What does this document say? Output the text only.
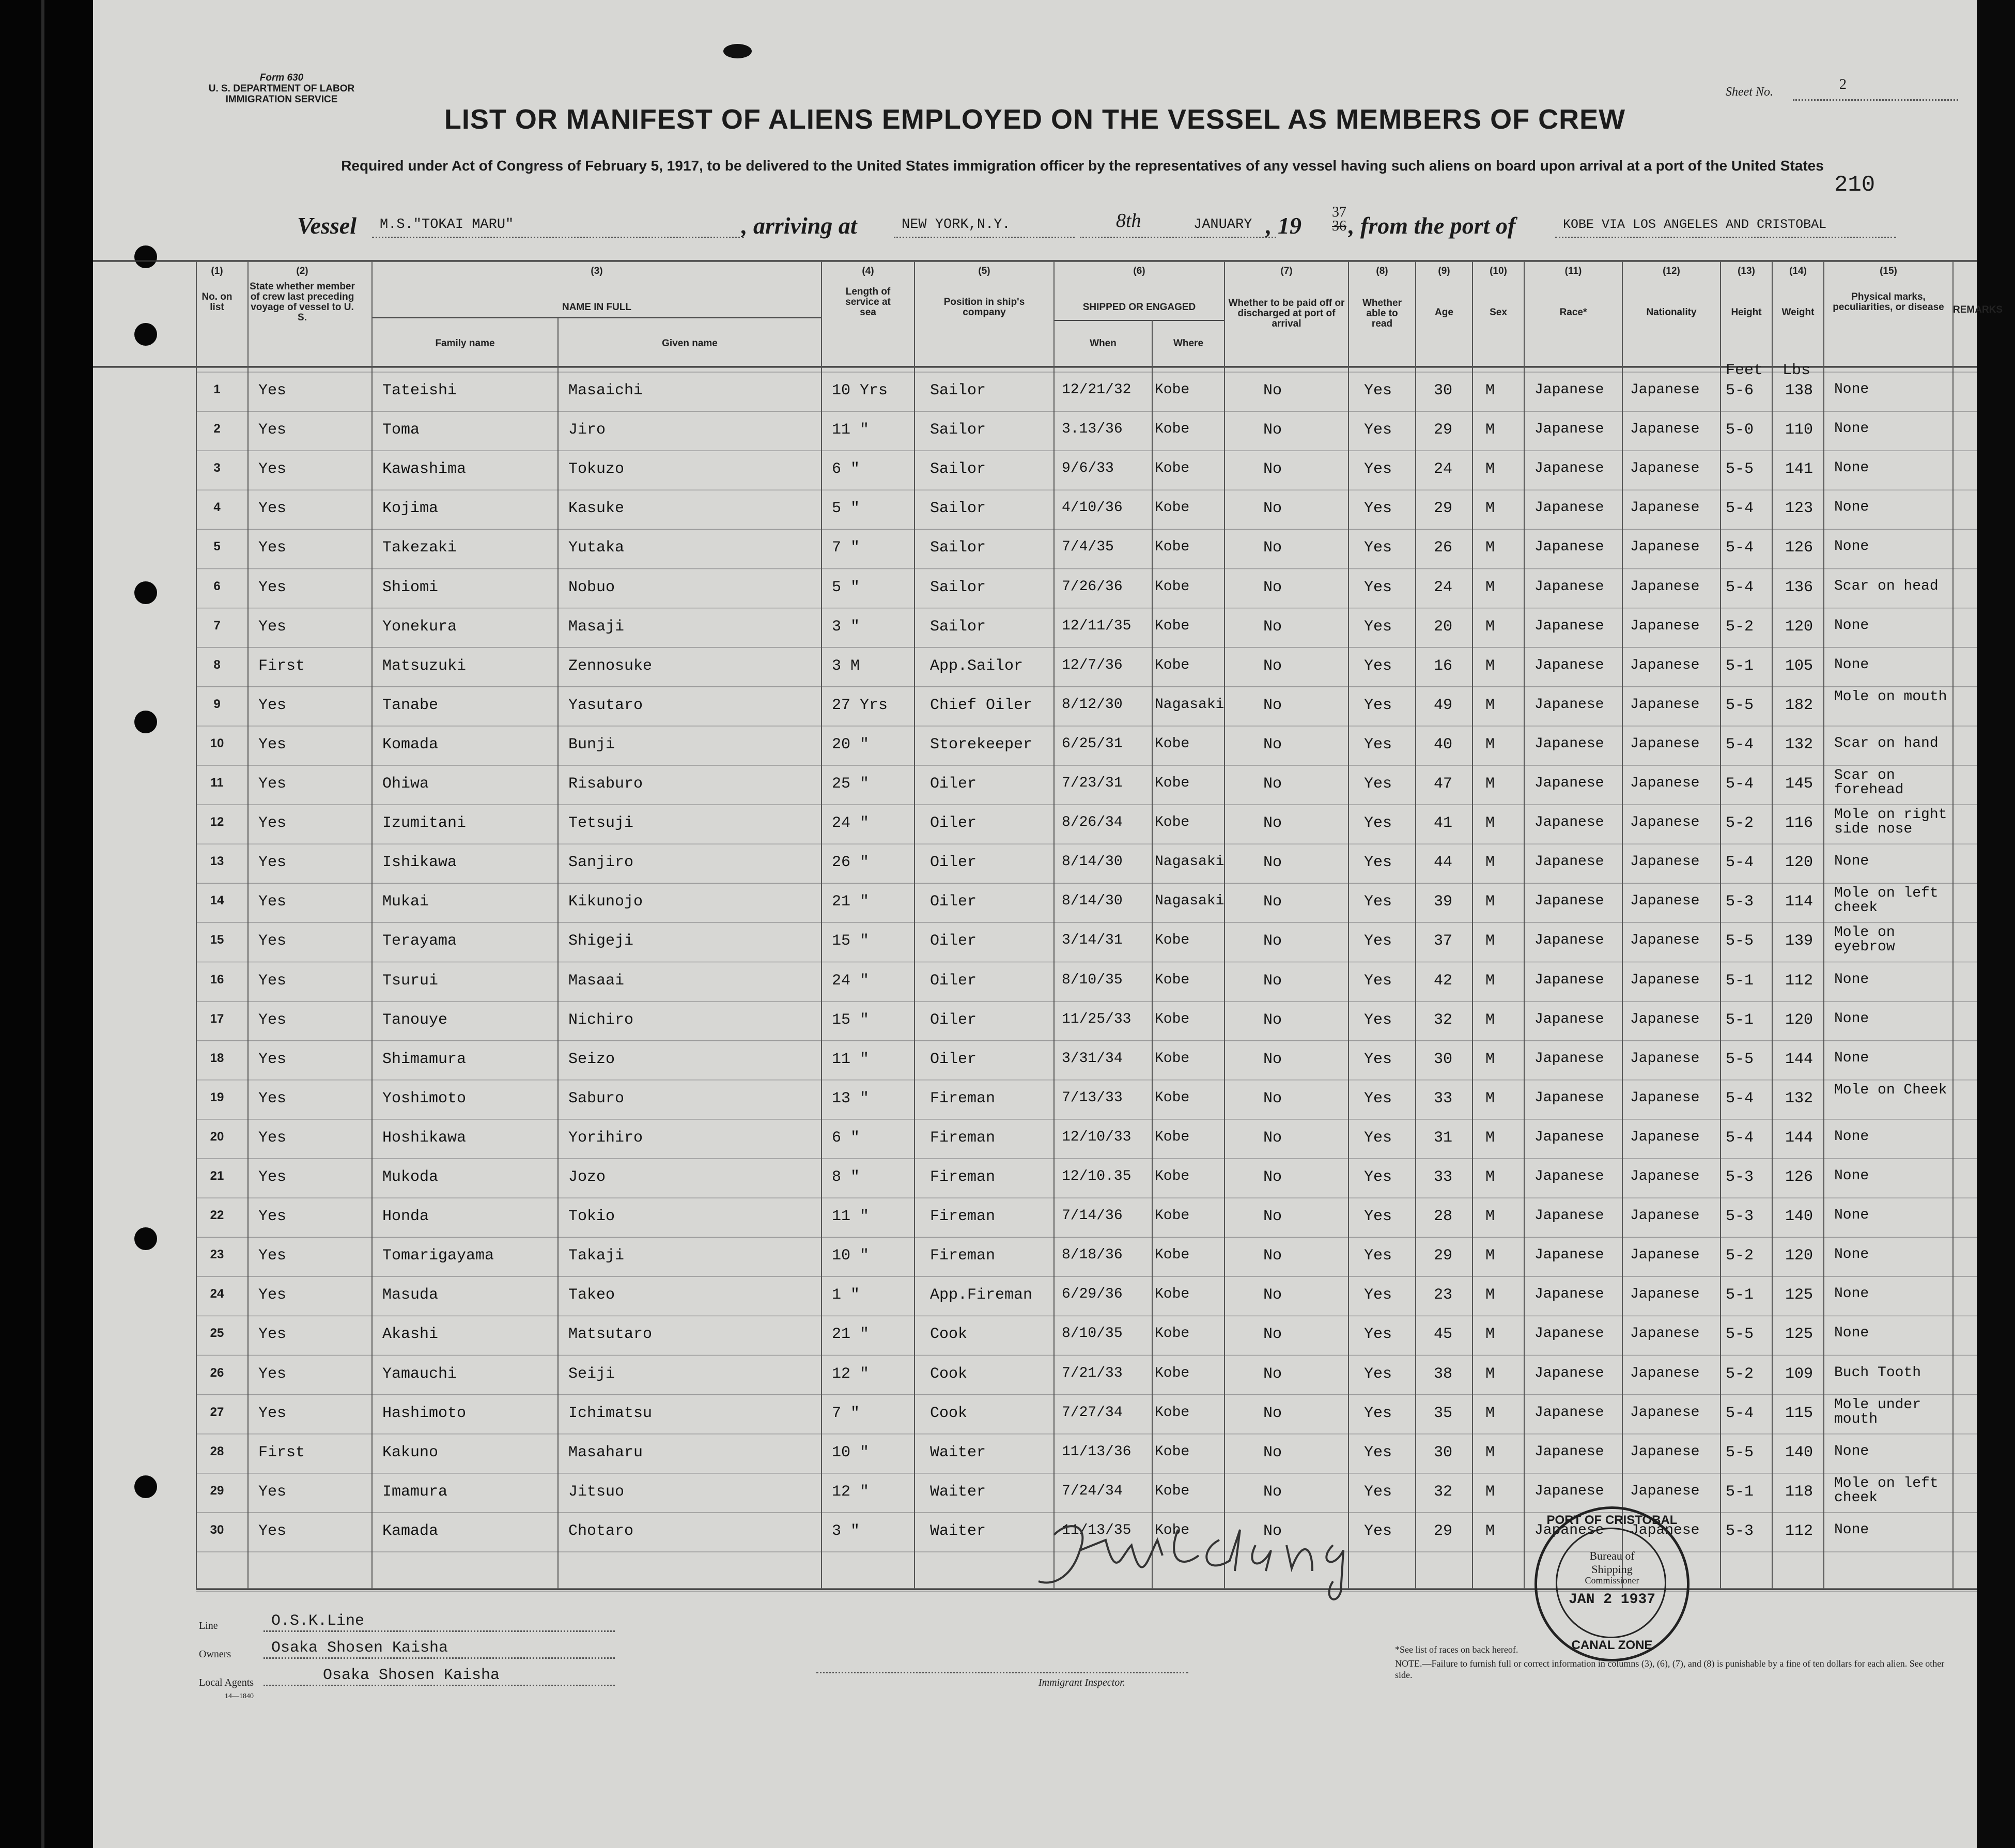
Form 630
U. S. DEPARTMENT OF LABOR
IMMIGRATION SERVICE
Sheet No.	2
LIST OR MANIFEST OF ALIENS EMPLOYED ON THE VESSEL AS MEMBERS OF CREW
Required under Act of Congress of February 5, 1917, to be delivered to the United States immigration officer by the representatives of any vessel having such aliens on board upon arrival at a port of the United States
210
Vessel M.S."TOKAI MARU"	, arriving at	NEW YORK,N.Y.	8th	JANUARY , 19
37
36 , from the port of	KOBE VIA LOS ANGELES AND CRISTOBAL
(1)
No. on list
(2)
State whether member of crew last preceding voyage of vessel to U. S.
(3)
NAME IN FULL
Family name	Given name
(4)
Length of service at sea
(5)
Position in ship's company
(6)
SHIPPED OR ENGAGED
When	Where
(7)
Whether to be paid off or discharged at port of arrival
(8)
Whether able to read
(9)
Age
(10)
Sex
(11)
Race*
(12)
Nationality
(13)
Height
(14)
Weight
(15)
Physical marks, peculiarities, or disease REMARKS
1	Yes	Tateishi	Masaichi	10 Yrs	Sailor	12/21/32 Kobe	No	Yes	30 M	Japanese Japanese 5-6 138 None
2	Yes	Toma	Jiro	11 "	Sailor	3.13/36 Kobe	No	Yes	29 M	Japanese Japanese 5-0 110 None
3	Yes	Kawashima	Tokuzo	6 "	Sailor	9/6/33	Kobe	No	Yes	24 M	Japanese Japanese 5-5 141 None
4	Yes	Kojima	Kasuke	5 "	Sailor	4/10/36 Kobe	No	Yes	29 M	Japanese Japanese 5-4 123 None
5	Yes	Takezaki	Yutaka	7 "	Sailor	7/4/35	Kobe	No	Yes	26 M	Japanese Japanese 5-4 126 None
6	Yes	Shiomi	Nobuo	5 "	Sailor	7/26/36 Kobe	No	Yes	24 M	Japanese Japanese 5-4 136 Scar on head
7	Yes	Yonekura	Masaji	3 "	Sailor	12/11/35 Kobe	No	Yes	20 M	Japanese Japanese 5-2 120 None
8	First	Matsuzuki	Zennosuke	3 M	App.Sailor	12/7/36 Kobe	No	Yes	16 M	Japanese Japanese 5-1 105 None
9	Yes	Tanabe	Yasutaro	27 Yrs	Chief Oiler 8/12/30 Nagasaki	No	Yes	49 M	Japanese Japanese 5-5 182 Mole on mouth
10	Yes	Komada	Bunji	20 "	Storekeeper 6/25/31 Kobe	No	Yes	40 M	Japanese Japanese 5-4 132 Scar on hand
11	Yes	Ohiwa	Risaburo	25 "	Oiler	7/23/31 Kobe	No	Yes	47 M	Japanese Japanese 5-4 145 Scar on forehead
12	Yes	Izumitani	Tetsuji	24 "	Oiler	8/26/34 Kobe	No	Yes	41 M	Japanese Japanese 5-2 116 Mole on right side nose
13	Yes	Ishikawa	Sanjiro	26 "	Oiler	8/14/30 Nagasaki	No	Yes	44 M	Japanese Japanese 5-4 120 None
14	Yes	Mukai	Kikunojo	21 "	Oiler	8/14/30 Nagasaki	No	Yes	39 M	Japanese Japanese 5-3 114 Mole on left cheek
15	Yes	Terayama	Shigeji	15 "	Oiler	3/14/31 Kobe	No	Yes	37 M	Japanese Japanese 5-5 139 Mole on eyebrow
16	Yes	Tsurui	Masaai	24 "	Oiler	8/10/35 Kobe	No	Yes	42 M	Japanese Japanese 5-1 112 None
17	Yes	Tanouye	Nichiro	15 "	Oiler	11/25/33 Kobe	No	Yes	32 M	Japanese Japanese 5-1 120 None
18	Yes	Shimamura	Seizo	11 "	Oiler	3/31/34 Kobe	No	Yes	30 M	Japanese Japanese 5-5 144 None
19	Yes	Yoshimoto	Saburo	13 "	Fireman	7/13/33 Kobe	No	Yes	33 M	Japanese Japanese 5-4 132 Mole on Cheek
20	Yes	Hoshikawa	Yorihiro	6 "	Fireman	12/10/33 Kobe	No	Yes	31 M	Japanese Japanese 5-4 144 None
21	Yes	Mukoda	Jozo	8 "	Fireman	12/10.35 Kobe	No	Yes	33 M	Japanese Japanese 5-3 126 None
22	Yes	Honda	Tokio	11 "	Fireman	7/14/36 Kobe	No	Yes	28 M	Japanese Japanese 5-3 140 None
23	Yes	Tomarigayama	Takaji	10 "	Fireman	8/18/36 Kobe	No	Yes	29 M	Japanese Japanese 5-2 120 None
24	Yes	Masuda	Takeo	1 "	App.Fireman 6/29/36 Kobe	No	Yes	23 M	Japanese Japanese 5-1 125 None
25	Yes	Akashi	Matsutaro	21 "	Cook	8/10/35 Kobe	No	Yes	45 M	Japanese Japanese 5-5 125 None
26	Yes	Yamauchi	Seiji	12 "	Cook	7/21/33 Kobe	No	Yes	38 M	Japanese Japanese 5-2 109 Buch Tooth
27	Yes	Hashimoto	Ichimatsu	7 "	Cook	7/27/34 Kobe	No	Yes	35 M	Japanese Japanese 5-4 115 Mole under mouth
28	First	Kakuno	Masaharu	10 "	Waiter	11/13/36 Kobe	No	Yes	30 M	Japanese Japanese 5-5 140 None
29	Yes	Imamura	Jitsuo	12 "	Waiter	7/24/34 Kobe	No	Yes	32 M	Japanese Japanese 5-1 118 Mole on left cheek
30	Yes	Kamada	Chotaro	3 "	Waiter	11/13/35 Kobe	No	Yes	29 M	Japanese Japanese 5-3 112 None
Feet Lbs
PORT OF CRISTOBAL
CANAL ZONE
Bureau of
Shipping
Commissioner
JAN 2 1937
Line	O.S.K.Line
Owners	Osaka Shosen Kaisha
Local Agents	Osaka Shosen Kaisha
14—1840
Immigrant Inspector.
*See list of races on back hereof.
NOTE.—Failure to furnish full or correct information in columns (3), (6), (7), and (8) is punishable by a fine of ten dollars for each alien. See other side.
